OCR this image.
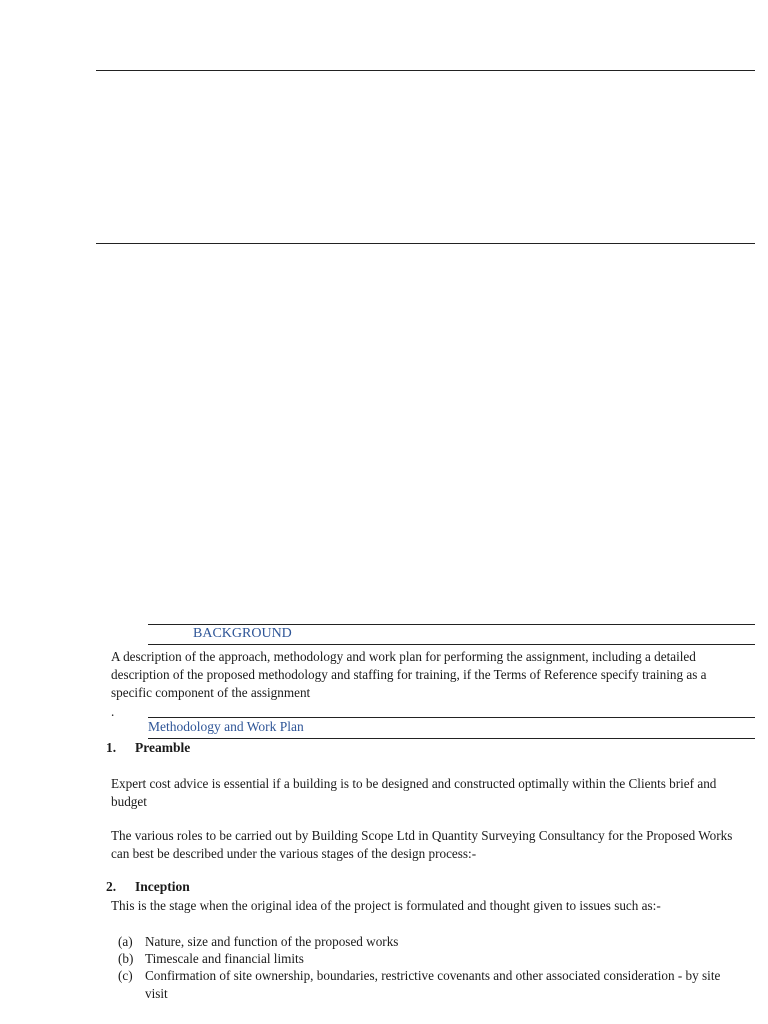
BACKGROUND
A description of the approach, methodology and work plan for performing the assignment, including a detailed description of the proposed methodology and staffing for training, if the Terms of Reference specify training as a specific component of the assignment
.
Methodology and Work Plan
1. Preamble
Expert cost advice is essential if a building is to be designed and constructed optimally within the Clients brief and budget
The various roles to be carried out by Building Scope Ltd in Quantity Surveying Consultancy for the Proposed Works can best be described under the various stages of the design process:-
2. Inception
This is the stage when the original idea of the project is formulated and thought given to issues such as:-
(a) Nature, size and function of the proposed works
(b) Timescale and financial limits
(c) Confirmation of site ownership, boundaries, restrictive covenants and other associated consideration - by site visit
